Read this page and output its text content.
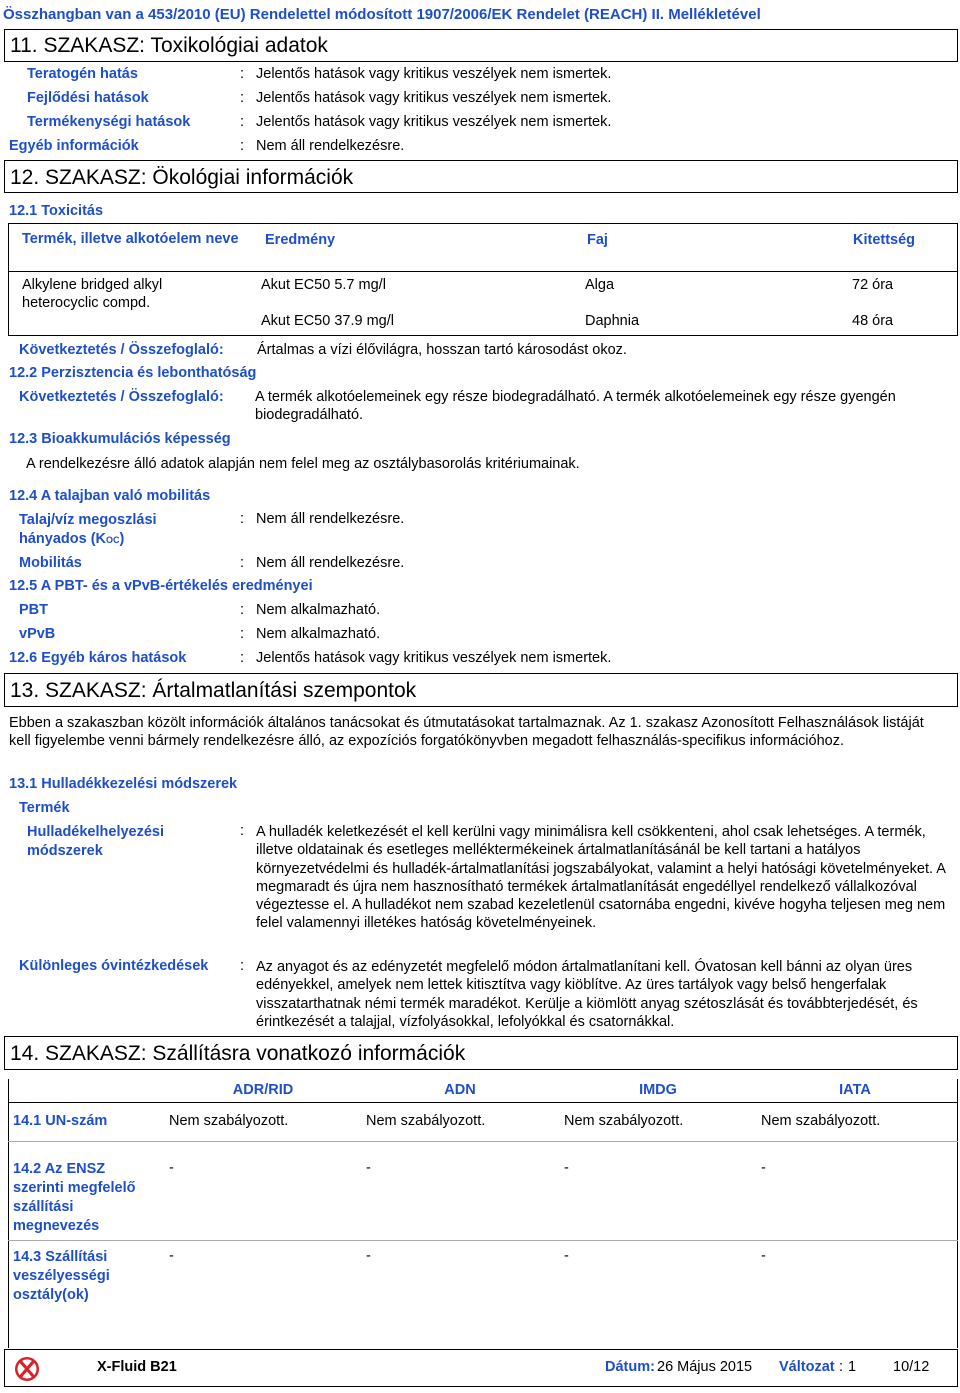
Összhangban van a 453/2010 (EU) Rendelettel módosított 1907/2006/EK Rendelet (REACH) II. Mellékletével
11. SZAKASZ: Toxikológiai adatok
Teratogén hatás	: Jelentős hatások vagy kritikus veszélyek nem ismertek.
Fejlődési hatások	: Jelentős hatások vagy kritikus veszélyek nem ismertek.
Termékenységi hatások	: Jelentős hatások vagy kritikus veszélyek nem ismertek.
Egyéb információk	: Nem áll rendelkezésre.
12. SZAKASZ: Ökológiai információk
12.1 Toxicitás
Termék, illetve alkotóelem neve Eredmény	Faj	Kitettség
Alkylene bridged alkyl heterocyclic compd.
Akut EC50 5.7 mg/l	Alga	72 óra
Akut EC50 37.9 mg/l	Daphnia	48 óra
Következtetés / Összefoglaló: Ártalmas a vízi élővilágra, hosszan tartó károsodást okoz.
12.2 Perzisztencia és lebonthatóság
Következtetés / Összefoglaló: A termék alkotóelemeinek egy része biodegradálható. A termék alkotóelemeinek egy része gyengén biodegradálható.
12.3 Bioakkumulációs képesség
A rendelkezésre álló adatok alapján nem felel meg az osztálybasorolás kritériumainak.
12.4 A talajban való mobilitás
Talaj/víz megoszlási hányados (KOC)
: Nem áll rendelkezésre.
Mobilitás	: Nem áll rendelkezésre.
12.5 A PBT- és a vPvB-értékelés eredményei
PBT	: Nem alkalmazható.
vPvB	: Nem alkalmazható.
12.6 Egyéb káros hatások	: Jelentős hatások vagy kritikus veszélyek nem ismertek.
13. SZAKASZ: Ártalmatlanítási szempontok
Ebben a szakaszban közölt információk általános tanácsokat és útmutatásokat tartalmaznak. Az 1. szakasz Azonosított Felhasználások listáját kell figyelembe venni bármely rendelkezésre álló, az expozíciós forgatókönyvben megadott felhasználás-specifikus információhoz.
13.1 Hulladékkezelési módszerek
Termék
Hulladékelhelyezési módszerek
: A hulladék keletkezését el kell kerülni vagy minimálisra kell csökkenteni, ahol csak lehetséges. A termék, illetve oldatainak és esetleges melléktermékeinek ártalmatlanításánál be kell tartani a hatályos környezetvédelmi és hulladék-ártalmatlanítási jogszabályokat, valamint a helyi hatósági követelményeket. A megmaradt és újra nem hasznosítható termékek ártalmatlanítását engedéllyel rendelkező vállalkozóval végeztesse el. A hulladékot nem szabad kezeletlenül csatornába engedni, kivéve hogyha teljesen meg nem felel valamennyi illetékes hatóság követelményeinek.
Különleges óvintézkedések : Az anyagot és az edényzetét megfelelő módon ártalmatlanítani kell. Óvatosan kell bánni az olyan üres edényekkel, amelyek nem lettek kitisztítva vagy kiöblítve. Az üres tartályok vagy belső hengerfalak visszatarthatnak némi termék maradékot. Kerülje a kiömlött anyag szétoszlását és továbbterjedését, és érintkezését a talajjal, vízfolyásokkal, lefolyókkal és csatornákkal.
14. SZAKASZ: Szállításra vonatkozó információk
ADR/RID	ADN	IMDG	IATA
14.1 UN-szám	Nem szabályozott.	Nem szabályozott.	Nem szabályozott.	Nem szabályozott.
14.2 Az ENSZ szerinti megfelelő szállítási megnevezés
-	-	-	-
14.3 Szállítási veszélyességi osztály(ok)
-	-	-	-
X-Fluid B21	Dátum: 26 Május 2015 Változat : 1	10/12
